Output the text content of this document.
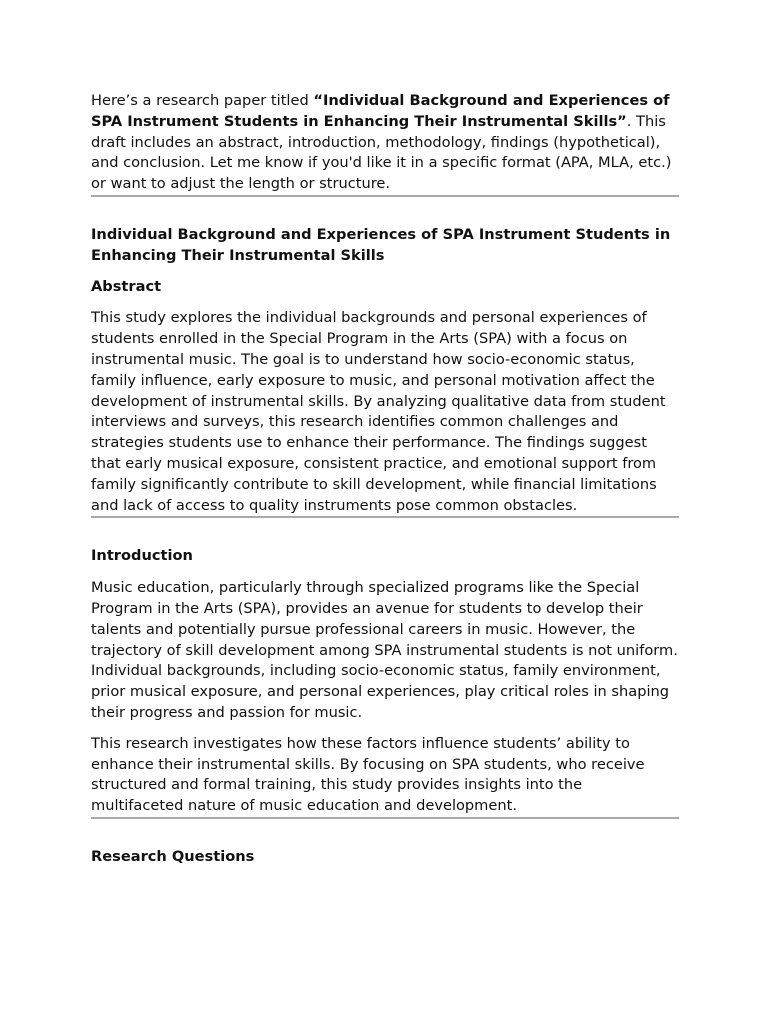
Here’s a research paper titled “Individual Background and Experiences of SPA Instrument Students in Enhancing Their Instrumental Skills”. This draft includes an abstract, introduction, methodology, findings (hypothetical), and conclusion. Let me know if you'd like it in a specific format (APA, MLA, etc.) or want to adjust the length or structure.

Individual Background and Experiences of SPA Instrument Students in Enhancing Their Instrumental Skills

Abstract

This study explores the individual backgrounds and personal experiences of students enrolled in the Special Program in the Arts (SPA) with a focus on instrumental music. The goal is to understand how socio-economic status, family influence, early exposure to music, and personal motivation affect the development of instrumental skills. By analyzing qualitative data from student interviews and surveys, this research identifies common challenges and strategies students use to enhance their performance. The findings suggest that early musical exposure, consistent practice, and emotional support from family significantly contribute to skill development, while financial limitations and lack of access to quality instruments pose common obstacles.

Introduction

Music education, particularly through specialized programs like the Special Program in the Arts (SPA), provides an avenue for students to develop their talents and potentially pursue professional careers in music. However, the trajectory of skill development among SPA instrumental students is not uniform. Individual backgrounds, including socio-economic status, family environment, prior musical exposure, and personal experiences, play critical roles in shaping their progress and passion for music.

This research investigates how these factors influence students’ ability to enhance their instrumental skills. By focusing on SPA students, who receive structured and formal training, this study provides insights into the multifaceted nature of music education and development.

Research Questions
